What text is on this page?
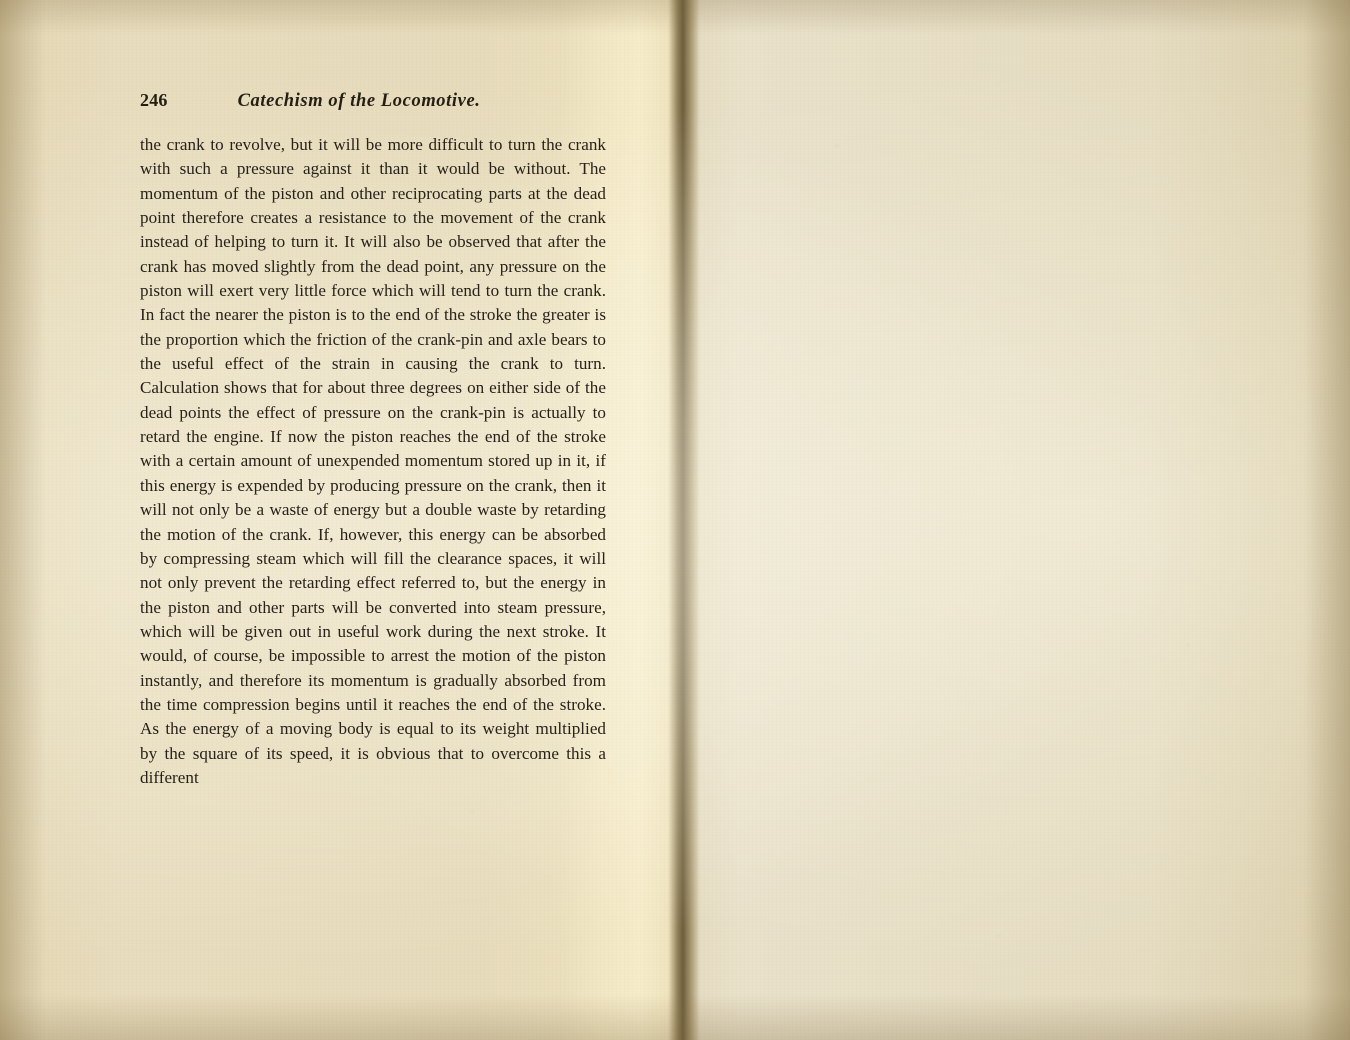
246	Catechism of the Locomotive.

the crank to revolve, but it will be more difficult to turn the crank with such a pressure against it than it would be without. The momentum of the piston and other reciprocating parts at the dead point therefore creates a resistance to the movement of the crank instead of helping to turn it. It will also be observed that after the crank has moved slightly from the dead point, any pressure on the piston will exert very little force which will tend to turn the crank. In fact the nearer the piston is to the end of the stroke the greater is the proportion which the friction of the crank-pin and axle bears to the useful effect of the strain in causing the crank to turn. Calculation shows that for about three degrees on either side of the dead points the effect of pressure on the crank-pin is actually to retard the engine. If now the piston reaches the end of the stroke with a certain amount of unexpended momentum stored up in it, if this energy is expended by producing pressure on the crank, then it will not only be a waste of energy but a double waste by retarding the motion of the crank. If, however, this energy can be absorbed by compressing steam which will fill the clearance spaces, it will not only prevent the retarding effect referred to, but the energy in the piston and other parts will be converted into steam pressure, which will be given out in useful work during the next stroke. It would, of course, be impossible to arrest the motion of the piston instantly, and therefore its momentum is gradually absorbed from the time compression begins until it reaches the end of the stroke. As the energy of a moving body is equal to its weight multiplied by the square of its speed, it is obvious that to overcome this a different
